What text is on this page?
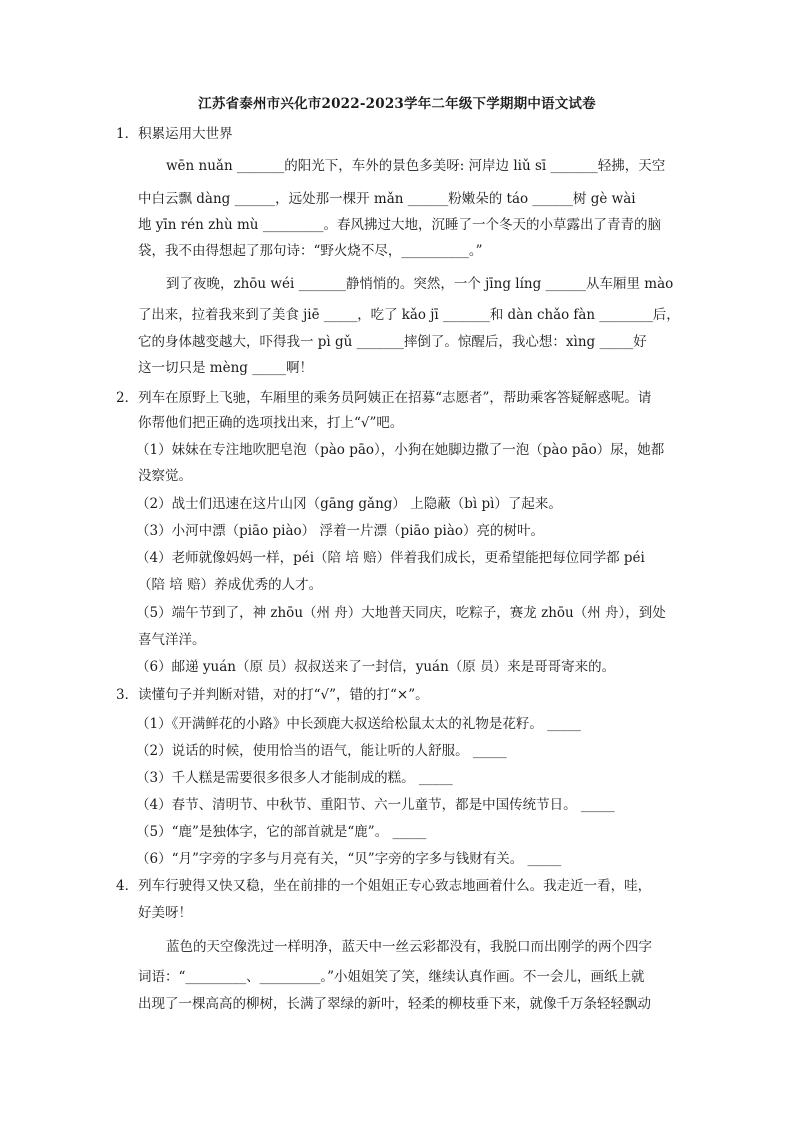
江苏省泰州市兴化市2022-2023学年二年级下学期期中语文试卷
1．积累运用大世界
wēn nuǎn _______的阳光下，车外的景色多美呀: 河岸边 liǔ sī _______轻拂，天空
中白云飘 dàng ______，远处那一棵开 mǎn ______粉嫩朵的 táo ______树 gè wài
地 yīn rén zhù mù _________。春风拂过大地，沉睡了一个冬天的小草露出了青青的脑
袋，我不由得想起了那句诗：“野火烧不尽，__________。”
到了夜晚，zhōu wéi _______静悄悄的。突然，一个 jīng líng ______从车厢里 mào
了出来，拉着我来到了美食 jiē _____，吃了 kǎo jī _______和 dàn chǎo fàn ________后，
它的身体越变越大，吓得我一 pì gǔ _______摔倒了。惊醒后，我心想：xìng _____好
这一切只是 mèng _____啊！
2．列车在原野上飞驰，车厢里的乘务员阿姨正在招募“志愿者”，帮助乘客答疑解惑呢。请
你帮他们把正确的选项找出来，打上“√”吧。
（1）妹妹在专注地吹肥皂泡（pào pāo），小狗在她脚边撒了一泡（pào pāo）尿，她都
没察觉。
（2）战士们迅速在这片山冈（gāng gǎng） 上隐蔽（bì pì）了起来。
（3）小河中漂（piāo piào） 浮着一片漂（piāo piào）亮的树叶。
（4）老师就像妈妈一样，péi（陪 培 赔）伴着我们成长，更希望能把每位同学都 péi
（陪 培 赔）养成优秀的人才。
（5）端午节到了，神 zhōu（州 舟）大地普天同庆，吃粽子，赛龙 zhōu（州 舟），到处
喜气洋洋。
（6）邮递 yuán（原 员）叔叔送来了一封信，yuán（原 员）来是哥哥寄来的。
3．读懂句子并判断对错，对的打“√”，错的打“×”。
（1）《开满鲜花的小路》中长颈鹿大叔送给松鼠太太的礼物是花籽。 _____
（2）说话的时候，使用恰当的语气，能让听的人舒服。 _____
（3）千人糕是需要很多很多人才能制成的糕。 _____
（4）春节、清明节、中秋节、重阳节、六一儿童节，都是中国传统节日。 _____
（5）“鹿”是独体字，它的部首就是“鹿”。 _____
（6）“月”字旁的字多与月亮有关，“贝”字旁的字多与钱财有关。 _____
4．列车行驶得又快又稳，坐在前排的一个姐姐正专心致志地画着什么。我走近一看，哇，
好美呀！
蓝色的天空像洗过一样明净，蓝天中一丝云彩都没有，我脱口而出刚学的两个四字
词语：“_________、_________。”小姐姐笑了笑，继续认真作画。不一会儿，画纸上就
出现了一棵高高的柳树，长满了翠绿的新叶，轻柔的柳枝垂下来，就像千万条轻轻飘动
